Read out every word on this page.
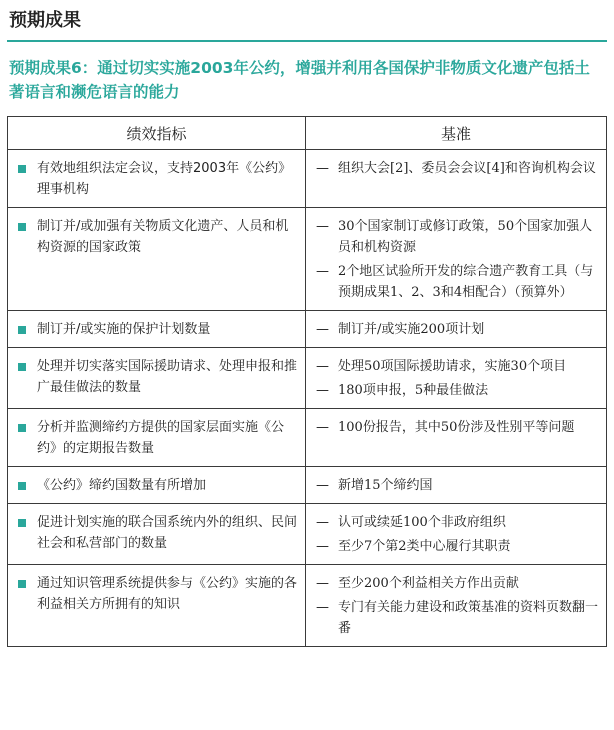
预期成果
预期成果6：通过切实实施2003年公约，增强并利用各国保护非物质文化遗产包括土著语言和濒危语言的能力
绩效指标	基准

有效地组织法定会议，支持2003年《公约》理事机构	— 组织大会[2]、委员会会议[4]和咨询机构会议

制订并/或加强有关物质文化遗产、人员和机构资源的国家政策	— 30个国家制订或修订政策，50个国家加强人员和机构资源
— 2个地区试验所开发的综合遗产教育工具（与预期成果1、2、3和4相配合）（预算外）

制订并/或实施的保护计划数量	— 制订并/或实施200项计划

处理并切实落实国际援助请求、处理申报和推广最佳做法的数量	— 处理50项国际援助请求，实施30个项目
— 180项申报，5种最佳做法

分析并监测缔约方提供的国家层面实施《公约》的定期报告数量	— 100份报告，其中50份涉及性别平等问题

《公约》缔约国数量有所增加	— 新增15个缔约国

促进计划实施的联合国系统内外的组织、民间社会和私营部门的数量	— 认可或续延100个非政府组织
— 至少7个第2类中心履行其职责

通过知识管理系统提供参与《公约》实施的各利益相关方所拥有的知识	— 至少200个利益相关方作出贡献
— 专门有关能力建设和政策基准的资料页数翻一番
